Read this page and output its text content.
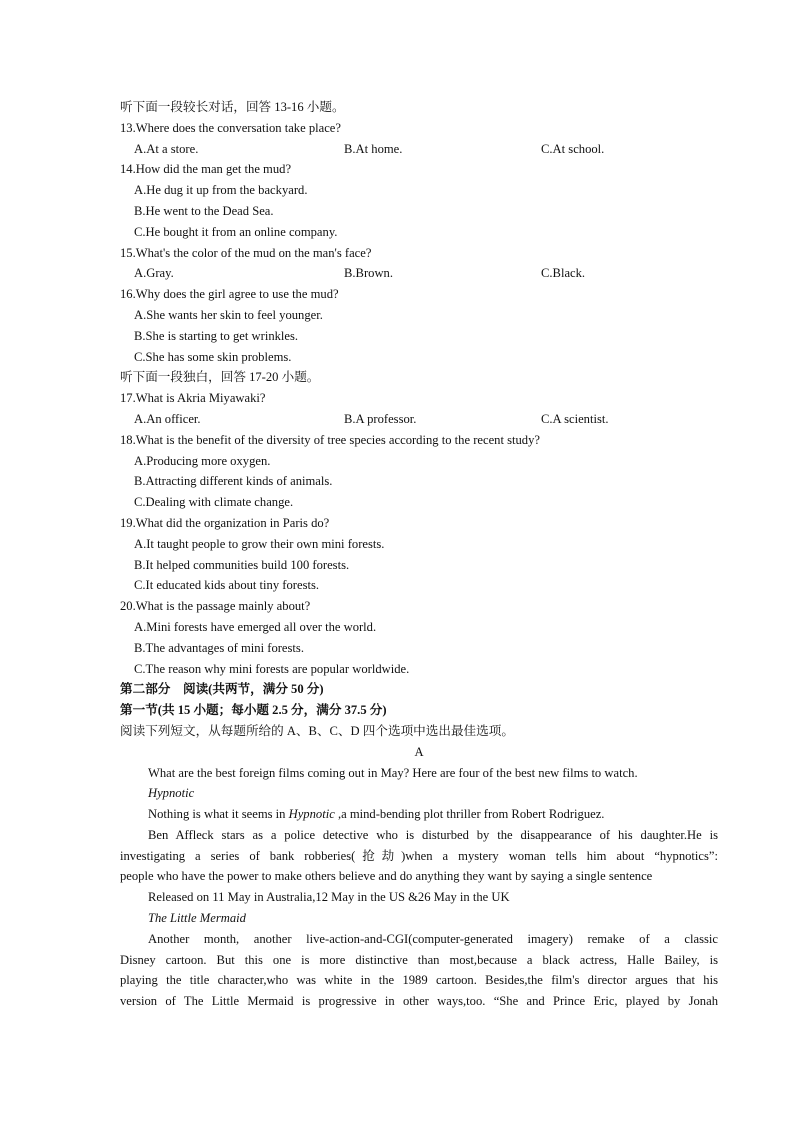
听下面一段较长对话，回答 13-16 小题。
13.Where does the conversation take place?
A.At a store.	B.At home.	C.At school.
14.How did the man get the mud?
A.He dug it up from the backyard.
B.He went to the Dead Sea.
C.He bought it from an online company.
15.What's the color of the mud on the man's face?
A.Gray.	B.Brown.	C.Black.
16.Why does the girl agree to use the mud?
A.She wants her skin to feel younger.
B.She is starting to get wrinkles.
C.She has some skin problems.
听下面一段独白，回答 17-20 小题。
17.What is Akria Miyawaki?
A.An officer.	B.A professor.	C.A scientist.
18.What is the benefit of the diversity of tree species according to the recent study?
A.Producing more oxygen.
B.Attracting different kinds of animals.
C.Dealing with climate change.
19.What did the organization in Paris do?
A.It taught people to grow their own mini forests.
B.It helped communities build 100 forests.
C.It educated kids about tiny forests.
20.What is the passage mainly about?
A.Mini forests have emerged all over the world.
B.The advantages of mini forests.
C.The reason why mini forests are popular worldwide.
第二部分　阅读(共两节，满分 50 分)
第一节(共 15 小题；每小题 2.5 分，满分 37.5 分)
阅读下列短文，从每题所给的 A、B、C、D 四个选项中选出最佳选项。
A
What are the best foreign films coming out in May? Here are four of the best new films to watch.
Hypnotic
Nothing is what it seems in Hypnotic ,a mind-bending plot thriller from Robert Rodriguez.
Ben Affleck stars as a police detective who is disturbed by the disappearance of his daughter.He is
investigating a series of bank robberies(抢劫)when a mystery woman tells him about “hypnotics”:
people who have the power to make others believe and do anything they want by saying a single sentence
Released on 11 May in Australia,12 May in the US &26 May in the UK
The Little Mermaid
Another month, another live-action-and-CGI(computer-generated imagery) remake of a classic
Disney cartoon. But this one is more distinctive than most,because a black actress, Halle Bailey, is
playing the title character,who was white in the 1989 cartoon. Besides,the film's director argues that his
version of The Little Mermaid is progressive in other ways,too. “She and Prince Eric, played by Jonah
